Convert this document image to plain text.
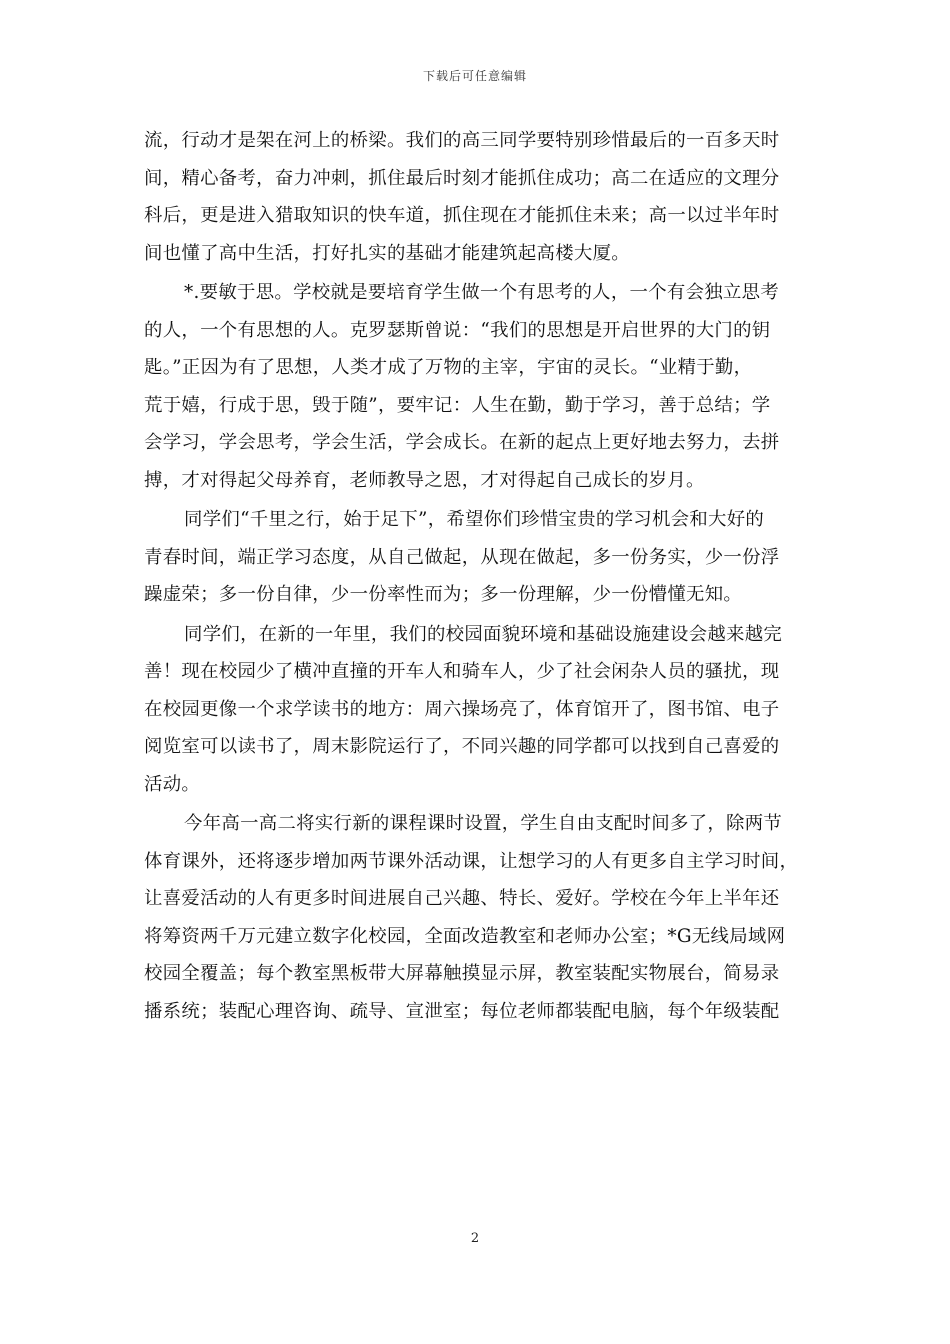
下载后可任意编辑
流，行动才是架在河上的桥梁。我们的高三同学要特别珍惜最后的一百多天时
间，精心备考，奋力冲刺，抓住最后时刻才能抓住成功；高二在适应的文理分
科后，更是进入猎取知识的快车道，抓住现在才能抓住未来；高一以过半年时
间也懂了高中生活，打好扎实的基础才能建筑起高楼大厦。
*.要敏于思。学校就是要培育学生做一个有思考的人，一个有会独立思考
的人，一个有思想的人。克罗瑟斯曾说：“我们的思想是开启世界的大门的钥
匙。”正因为有了思想，人类才成了万物的主宰，宇宙的灵长。“业精于勤，
荒于嬉，行成于思，毁于随”，要牢记：人生在勤，勤于学习，善于总结；学
会学习，学会思考，学会生活，学会成长。在新的起点上更好地去努力，去拼
搏，才对得起父母养育，老师教导之恩，才对得起自己成长的岁月。
同学们“千里之行，始于足下”，希望你们珍惜宝贵的学习机会和大好的
青春时间，端正学习态度，从自己做起，从现在做起，多一份务实，少一份浮
躁虚荣；多一份自律，少一份率性而为；多一份理解，少一份懵懂无知。
同学们，在新的一年里，我们的校园面貌环境和基础设施建设会越来越完
善！现在校园少了横冲直撞的开车人和骑车人，少了社会闲杂人员的骚扰，现
在校园更像一个求学读书的地方：周六操场亮了，体育馆开了，图书馆、电子
阅览室可以读书了，周末影院运行了，不同兴趣的同学都可以找到自己喜爱的
活动。
今年高一高二将实行新的课程课时设置，学生自由支配时间多了，除两节
体育课外，还将逐步增加两节课外活动课，让想学习的人有更多自主学习时间，
让喜爱活动的人有更多时间进展自己兴趣、特长、爱好。学校在今年上半年还
将筹资两千万元建立数字化校园，全面改造教室和老师办公室；*G无线局域网
校园全覆盖；每个教室黑板带大屏幕触摸显示屏，教室装配实物展台，简易录
播系统；装配心理咨询、疏导、宣泄室；每位老师都装配电脑，每个年级装配
2
